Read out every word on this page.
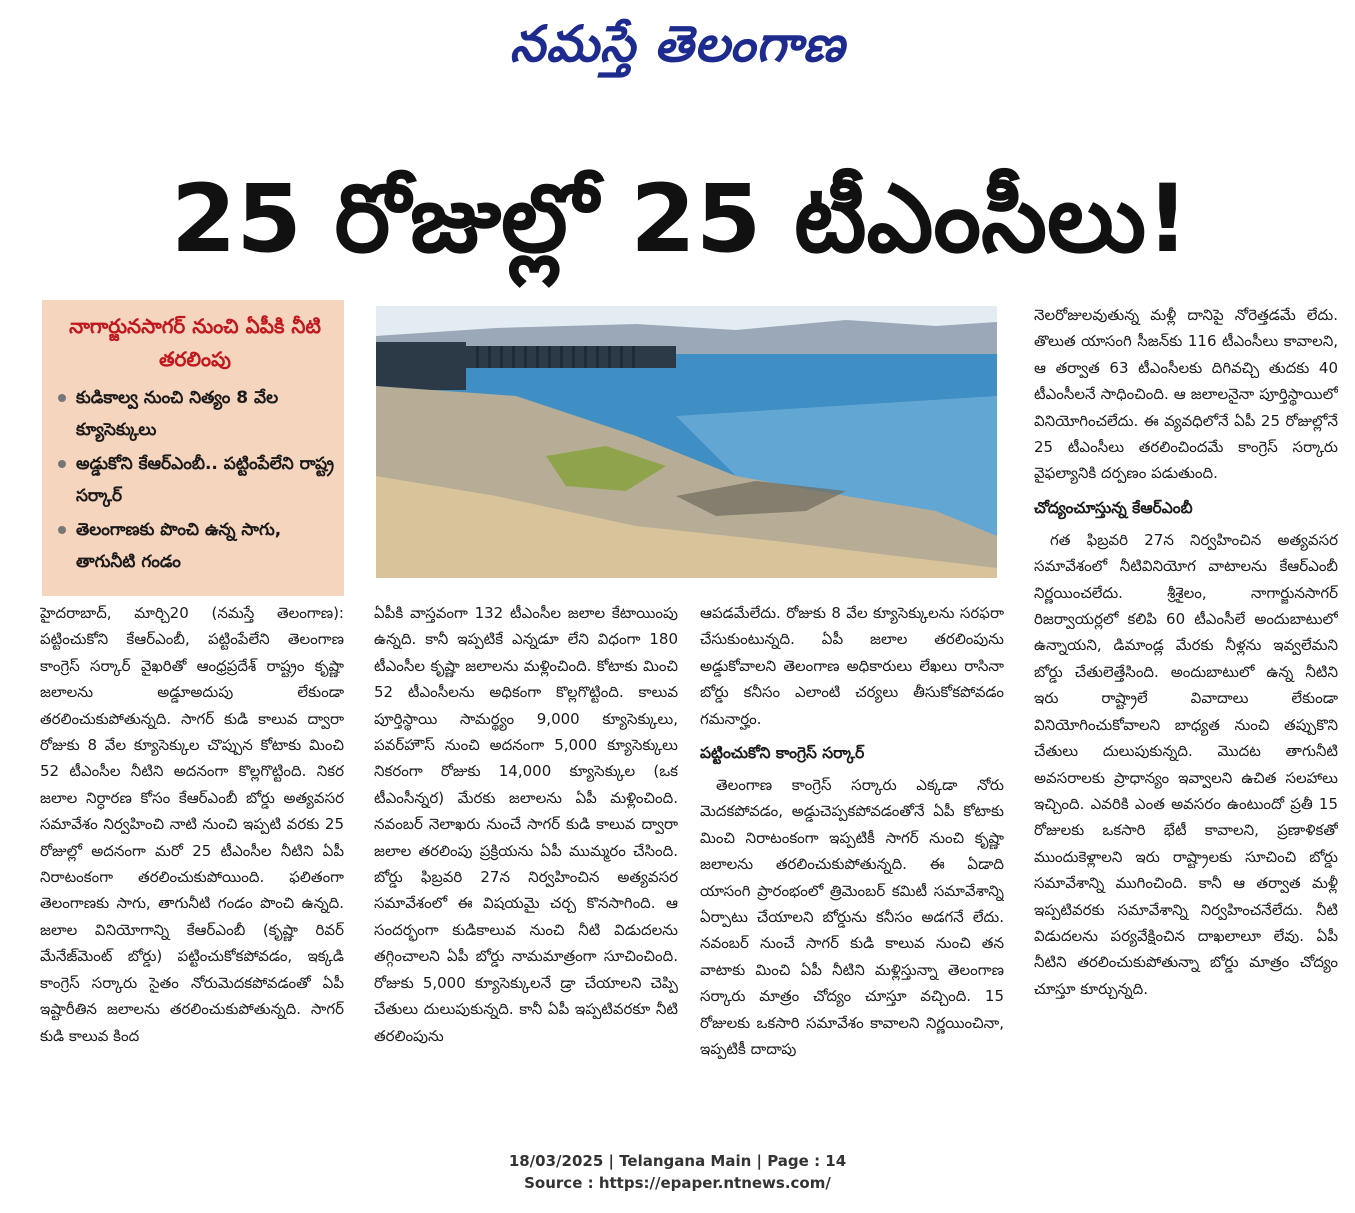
నమస్తే తెలంగాణ
25 రోజుల్లో 25 టీఎంసీలు!
నాగార్జునసాగర్ నుంచి ఏపీకి నీటి తరలింపు
కుడికాల్వ నుంచి నిత్యం 8 వేల క్యూసెక్కులు
అడ్డుకోని కేఆర్ఎంబీ.. పట్టింపేలేని రాష్ట్ర సర్కార్
తెలంగాణకు పొంచి ఉన్న సాగు, తాగునీటి గండం

హైదరాబాద్, మార్చి20 (నమస్తే తెలంగాణ): పట్టించుకోని కేఆర్ఎంబీ, పట్టింపేలేని తెలంగాణ కాంగ్రెస్ సర్కార్ వైఖరితో ఆంధ్రప్రదేశ్ రాష్ట్రం కృష్ణా జలాలను అడ్డూఅదుపు లేకుండా తరలించుకుపోతున్నది. సాగర్ కుడి కాలువ ద్వారా రోజుకు 8 వేల క్యూసెక్కుల చొప్పున కోటాకు మించి 52 టీఎంసీల నీటిని అదనంగా కొల్లగొట్టింది. నికర జలాల నిర్ధారణ కోసం కేఆర్ఎంబీ బోర్డు అత్యవసర సమావేశం నిర్వహించి నాటి నుంచి ఇప్పటి వరకు 25 రోజుల్లో అదనంగా మరో 25 టీఎంసీల నీటిని ఏపీ నిరాటంకంగా తరలించుకుపోయింది. ఫలితంగా తెలంగాణకు సాగు, తాగునీటి గండం పొంచి ఉన్నది. జలాల వినియోగాన్ని కేఆర్ఎంబీ (కృష్ణా రివర్ మేనేజ్‌మెంట్ బోర్డు) పట్టించుకోకపోవడం, ఇక్కడి కాంగ్రెస్ సర్కారు సైతం నోరుమెదకపోవడంతో ఏపీ ఇష్టారీతిన జలాలను తరలించుకుపోతున్నది. సాగర్ కుడి కాలువ కింద

ఏపీకి వాస్తవంగా 132 టీఎంసీల జలాల కేటాయింపు ఉన్నది. కానీ ఇప్పటికే ఎన్నడూ లేని విధంగా 180 టీఎంసీల కృష్ణా జలాలను మళ్లించింది. కోటాకు మించి 52 టీఎంసీలను అధికంగా కొల్లగొట్టింది. కాలువ పూర్తిస్థాయి సామర్థ్యం 9,000 క్యూసెక్కులు, పవర్‌హౌస్ నుంచి అదనంగా 5,000 క్యూసెక్కులు నికరంగా రోజుకు 14,000 క్యూసెక్కుల (ఒక టీఎంసీన్నర) మేరకు జలాలను ఏపీ మళ్లించింది. నవంబర్ నెలాఖరు నుంచే సాగర్ కుడి కాలువ ద్వారా జలాల తరలింపు ప్రక్రియను ఏపీ ముమ్మరం చేసింది. బోర్డు ఫిబ్రవరి 27న నిర్వహించిన అత్యవసర సమావేశంలో ఈ విషయమై చర్చ కొనసాగింది. ఆ సందర్భంగా కుడికాలువ నుంచి నీటి విడుదలను తగ్గించాలని ఏపీ బోర్డు నామమాత్రంగా సూచించింది. రోజుకు 5,000 క్యూసెక్కులనే డ్రా చేయాలని చెప్పి చేతులు దులుపుకున్నది. కానీ ఏపీ ఇప్పటివరకూ నీటి తరలింపును

ఆపడమేలేదు. రోజుకు 8 వేల క్యూసెక్కులను సరఫరా చేసుకుంటున్నది. ఏపీ జలాల తరలింపును అడ్డుకోవాలని తెలంగాణ అధికారులు లేఖలు రాసినా బోర్డు కనీసం ఎలాంటి చర్యలు తీసుకోకపోవడం గమనార్హం.

పట్టించుకోని కాంగ్రెస్ సర్కార్

తెలంగాణ కాంగ్రెస్ సర్కారు ఎక్కడా నోరు మెదకపోవడం, అడ్డుచెప్పకపోవడంతోనే ఏపీ కోటాకు మించి నిరాటంకంగా ఇప్పటికీ సాగర్ నుంచి కృష్ణా జలాలను తరలించుకుపోతున్నది. ఈ ఏడాది యాసంగి ప్రారంభంలో త్రిమెంబర్ కమిటీ సమావేశాన్ని ఏర్పాటు చేయాలని బోర్డును కనీసం అడగనే లేదు. నవంబర్ నుంచే సాగర్ కుడి కాలువ నుంచి తన వాటాకు మించి ఏపీ నీటిని మళ్లిస్తున్నా తెలంగాణ సర్కారు మాత్రం చోద్యం చూస్తూ వచ్చింది. 15 రోజులకు ఒకసారి సమావేశం కావాలని నిర్ణయించినా, ఇప్పటికీ దాదాపు

నెలరోజులవుతున్న మళ్లీ దానిపై నోరెత్తడమే లేదు. తొలుత యాసంగి సీజన్‌కు 116 టీఎంసీలు కావాలని, ఆ తర్వాత 63 టీఎంసీలకు దిగివచ్చి తుదకు 40 టీఎంసీలనే సాధించింది. ఆ జలాలనైనా పూర్తిస్థాయిలో వినియోగించలేదు. ఈ వ్యవధిలోనే ఏపీ 25 రోజుల్లోనే 25 టీఎంసీలు తరలించిందమే కాంగ్రెస్ సర్కారు వైఫల్యానికి దర్పణం పడుతుంది.

చోద్యంచూస్తున్న కేఆర్ఎంబీ

గత ఫిబ్రవరి 27న నిర్వహించిన అత్యవసర సమావేశంలో నీటివినియోగ వాటాలను కేఆర్ఎంబీ నిర్ణయించలేదు. శ్రీశైలం, నాగార్జునసాగర్ రిజర్వాయర్లలో కలిపి 60 టీఎంసీలే అందుబాటులో ఉన్నాయని, డిమాండ్ల మేరకు నీళ్లను ఇవ్వలేమని బోర్డు చేతులెత్తేసింది. అందుబాటులో ఉన్న నీటిని ఇరు రాష్ట్రాలే వివాదాలు లేకుండా వినియోగించుకోవాలని బాధ్యత నుంచి తప్పుకొని చేతులు దులుపుకున్నది. మొదట తాగునీటి అవసరాలకు ప్రాధాన్యం ఇవ్వాలని ఉచిత సలహాలు ఇచ్చింది. ఎవరికి ఎంత అవసరం ఉంటుందో ప్రతీ 15 రోజులకు ఒకసారి భేటీ కావాలని, ప్రణాళికతో ముందుకెళ్లాలని ఇరు రాష్ట్రాలకు సూచించి బోర్డు సమావేశాన్ని ముగించింది. కానీ ఆ తర్వాత మళ్లీ ఇప్పటివరకు సమావేశాన్ని నిర్వహించనేలేదు. నీటి విడుదలను పర్యవేక్షించిన దాఖలాలూ లేవు. ఏపీ నీటిని తరలించుకుపోతున్నా బోర్డు మాత్రం చోద్యం చూస్తూ కూర్చున్నది.

18/03/2025 | Telangana Main | Page : 14
Source : https://epaper.ntnews.com/
